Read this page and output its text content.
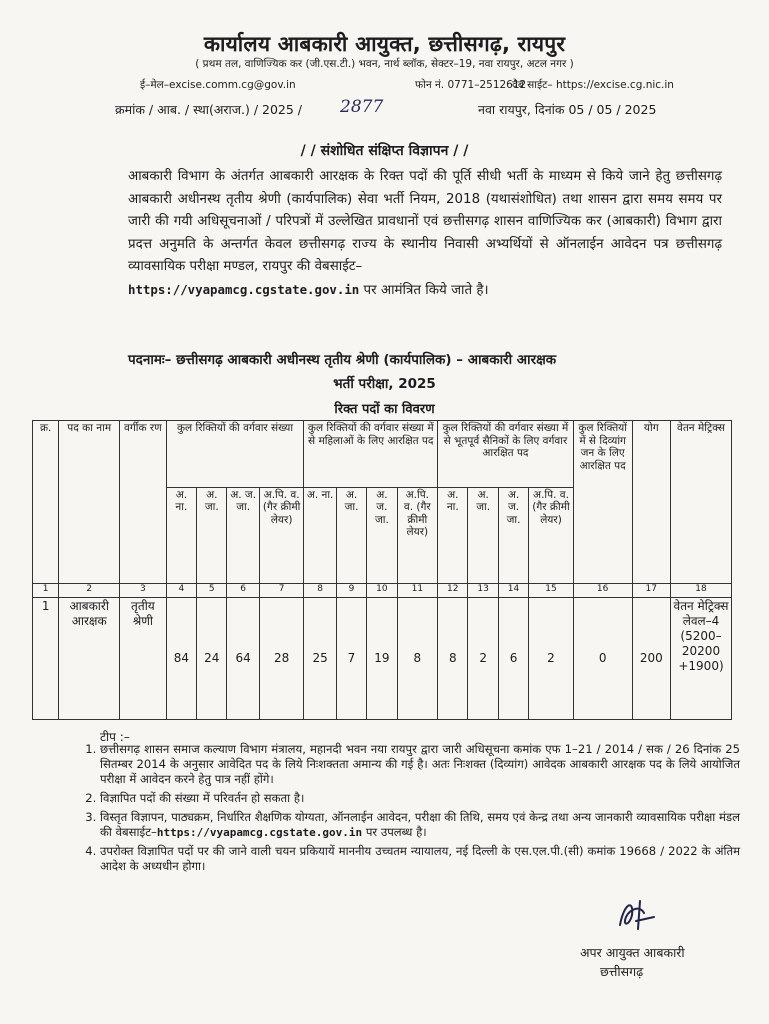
कार्यालय आबकारी आयुक्त, छत्तीसगढ़, रायपुर
( प्रथम तल, वाणिज्यिक कर (जी.एस.टी.) भवन, नार्थ ब्लॉक, सेक्टर–19, नवा रायपुर, अटल नगर )
ई–मेल–excise.comm.cg@gov.in	फोन नं. 0771–2512612
वेब साईट– https://excise.cg.nic.in
क्रमांक / आब. / स्था(अराज.) / 2025 / 2877	नवा रायपुर, दिनांक 05 / 05 / 2025
/ / संशोधित संक्षिप्त विज्ञापन / /
आबकारी विभाग के अंतर्गत आबकारी आरक्षक के रिक्त पदों की पूर्ति सीधी भर्ती के माध्यम से किये जाने हेतु छत्तीसगढ़ आबकारी अधीनस्थ तृतीय श्रेणी (कार्यपालिक) सेवा भर्ती नियम, 2018 (यथासंशोधित) तथा शासन द्वारा समय समय पर जारी की गयी अधिसूचनाओं / परिपत्रों में उल्लेखित प्रावधानों एवं छत्तीसगढ़ शासन वाणिज्यिक कर (आबकारी) विभाग द्वारा प्रदत्त अनुमति के अन्तर्गत केवल छत्तीसगढ़ राज्य के स्थानीय निवासी अभ्यर्थियों से ऑनलाईन आवेदन पत्र छत्तीसगढ़ व्यावसायिक परीक्षा मण्डल, रायपुर की वेबसाईट–
https://vyapamcg.cgstate.gov.in पर आमंत्रित किये जाते है।
पदनामः– छत्तीसगढ़ आबकारी अधीनस्थ तृतीय श्रेणी (कार्यपालिक) – आबकारी आरक्षक
भर्ती परीक्षा, 2025
रिक्त पदों का विवरण
क्र.	पद का नाम	वर्गीक रण	कुल रिक्तियों की वर्गवार संख्या				कुल रिक्तियों की वर्गवार संख्या में से महिलाओं के लिए आरक्षित पद				कुल रिक्तियों की वर्गवार संख्या में से भूतपूर्व सैनिकों के लिए वर्गवार आरक्षित पद				कुल रिक्तियों में से दिव्यांग जन के लिए आरक्षित पद	योग	वेतन मेट्रिक्स
			अ. ना.	अ. जा.	अ. ज. जा.	अ.पि. व. (गैर क्रीमी लेयर)	अ. ना.	अ. जा.	अ. ज. जा.	अ.पि. व. (गैर क्रीमी लेयर)	अ. ना.	अ. जा.	अ. ज. जा.	अ.पि. व. (गैर क्रीमी लेयर)			
1	2	3	4	5	6	7	8	9	10	11	12	13	14	15	16	17	18
1	आबकारी आरक्षक	तृतीय श्रेणी	84	24	64	28	25	7	19	8	8	2	6	2	0	200	वेतन मेट्रिक्स लेवल–4 (5200– 20200 +1900)
टीप :–
1. छत्तीसगढ़ शासन समाज कल्याण विभाग मंत्रालय, महानदी भवन नया रायपुर द्वारा जारी अधिसूचना कमांक एफ 1–21 / 2014 / सक / 26 दिनांक 25 सितम्बर 2014 के अनुसार आवेदित पद के लिये निःशक्तता अमान्य की गई है। अतः निःशक्त (दिव्यांग) आवेदक आबकारी आरक्षक पद के लिये आयोजित परीक्षा में आवेदन करने हेतु पात्र नहीं होंगे।
2. विज्ञापित पदों की संख्या में परिवर्तन हो सकता है।
3. विस्तृत विज्ञापन, पाठ्यक्रम, निर्धारित शैक्षणिक योग्यता, ऑनलाईन आवेदन, परीक्षा की तिथि, समय एवं केन्द्र तथा अन्य जानकारी व्यावसायिक परीक्षा मंडल की वेबसाईट–https://vyapamcg.cgstate.gov.in पर उपलब्ध है।
4. उपरोक्त विज्ञापित पदों पर की जाने वाली चयन प्रकियायें माननीय उच्चतम न्यायालय, नई दिल्ली के एस.एल.पी.(सी) कमांक 19668 / 2022 के अंतिम आदेश के अध्यधीन होगा।
अपर आयुक्त आबकारी
छत्तीसगढ़
